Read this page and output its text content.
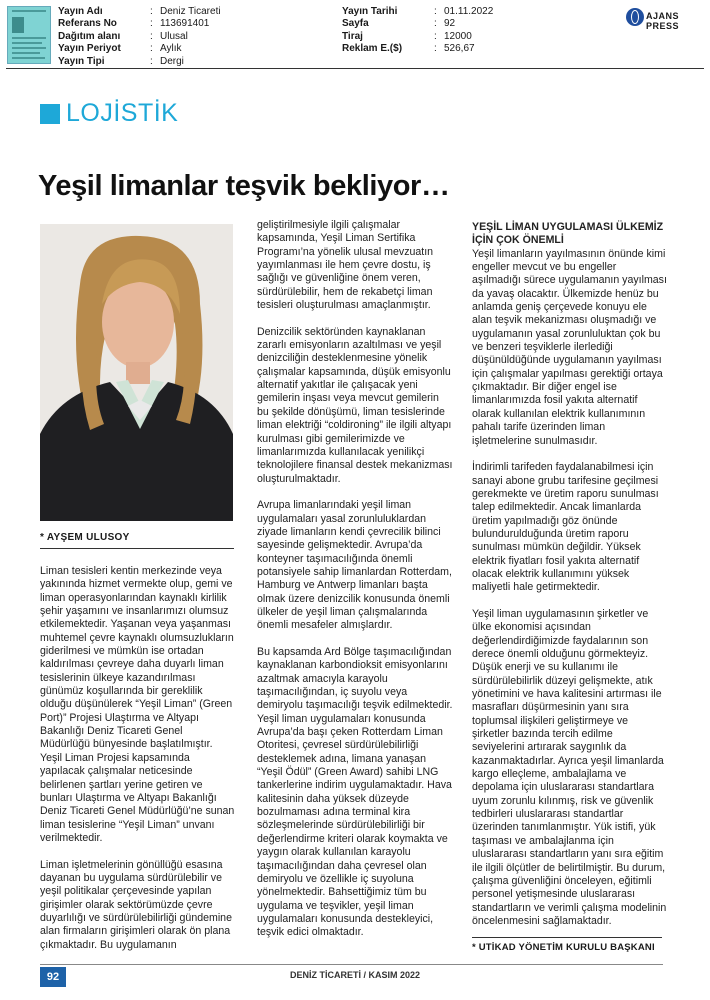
Yayın Adı	: Deniz Ticareti
Referans No	: 113691401
Dağıtım alanı	: Ulusal
Yayın Periyot	: Aylık
Yayın Tipi	: Dergi
Yayın Tarihi	: 01.11.2022
Sayfa	: 92
Tiraj	: 12000
Reklam E.($)	: 526,67
AJANS PRESS
LOJİSTİK
Yeşil limanlar teşvik bekliyor…
* AYŞEM ULUSOY

Liman tesisleri kentin merkezinde veya yakınında hizmet vermekte olup, gemi ve liman operasyonlarından kaynaklı kirlilik şehir yaşamını ve insanlarımızı olumsuz etkilemektedir. Yaşanan veya yaşanması muhtemel çevre kaynaklı olumsuzlukların giderilmesi ve mümkün ise ortadan kaldırılması çevreye daha duyarlı liman tesislerinin ülkeye kazandırılması günümüz koşullarında bir gereklilik olduğu düşünülerek “Yeşil Liman” (Green Port)” Projesi Ulaştırma ve Altyapı Bakanlığı Deniz Ticareti Genel Müdürlüğü bünyesinde başlatılmıştır. Yeşil Liman Projesi kapsamında yapılacak çalışmalar neticesinde belirlenen şartları yerine getiren ve bunları Ulaştırma ve Altyapı Bakanlığı Deniz Ticareti Genel Müdürlüğü’ne sunan liman tesislerine “Yeşil Liman” unvanı verilmektedir.

Liman işletmelerinin gönüllüğü esasına dayanan bu uygulama sürdürülebilir ve yeşil politikalar çerçevesinde yapılan girişimler olarak sektörümüzde çevre duyarlılığı ve sürdürülebilirliği gündemine alan firmaların girişimleri olarak ön plana çıkmaktadır. Bu uygulamanın

geliştirilmesiyle ilgili çalışmalar kapsamında, Yeşil Liman Sertifika Programı’na yönelik ulusal mevzuatın yayımlanması ile hem çevre dostu, iş sağlığı ve güvenliğine önem veren, sürdürülebilir, hem de rekabetçi liman tesisleri oluşturulması amaçlanmıştır.

Denizcilik sektöründen kaynaklanan zararlı emisyonların azaltılması ve yeşil denizciliğin desteklenmesine yönelik çalışmalar kapsamında, düşük emisyonlu alternatif yakıtlar ile çalışacak yeni gemilerin inşası veya mevcut gemilerin bu şekilde dönüşümü, liman tesislerinde liman elektriği “coldironing” ile ilgili altyapı kurulması gibi gemilerimizde ve limanlarımızda kullanılacak yenilikçi teknolojilere finansal destek mekanizması oluşturulmaktadır.

Avrupa limanlarındaki yeşil liman uygulamaları yasal zorunluluklardan ziyade limanların kendi çevrecilik bilinci sayesinde gelişmektedir. Avrupa’da konteyner taşımacılığında önemli potansiyele sahip limanlardan Rotterdam, Hamburg ve Antwerp limanları başta olmak üzere denizcilik konusunda önemli ülkeler de yeşil liman çalışmalarında önemli mesafeler almışlardır.

Bu kapsamda Ard Bölge taşımacılığından kaynaklanan karbondioksit emisyonlarını azaltmak amacıyla karayolu taşımacılığından, iç suyolu veya demiryolu taşımacılığı teşvik edilmektedir. Yeşil liman uygulamaları konusunda Avrupa’da başı çeken Rotterdam Liman Otoritesi, çevresel sürdürülebilirliği desteklemek adına, limana yanaşan “Yeşil Ödül” (Green Award) sahibi LNG tankerlerine indirim uygulamaktadır. Hava kalitesinin daha yüksek düzeyde bozulmaması adına terminal kira sözleşmelerinde sürdürülebilirliği bir değerlendirme kriteri olarak koymakta ve yaygın olarak kullanılan karayolu taşımacılığından daha çevresel olan demiryolu ve özellikle iç suyoluna yönelmektedir. Bahsettiğimiz tüm bu uygulama ve teşvikler, yeşil liman uygulamaları konusunda destekleyici, teşvik edici olmaktadır.

YEŞİL LİMAN UYGULAMASI ÜLKEMİZ İÇİN ÇOK ÖNEMLİ

Yeşil limanların yayılmasının önünde kimi engeller mevcut ve bu engeller aşılmadığı sürece uygulamanın yayılması da yavaş olacaktır. Ülkemizde henüz bu anlamda geniş çerçevede konuyu ele alan teşvik mekanizması oluşmadığı ve uygulamanın yasal zorunluluktan çok bu ve benzeri teşviklerle ilerlediği düşünüldüğünde uygulamanın yayılması için çalışmalar yapılması gerektiği ortaya çıkmaktadır. Bir diğer engel ise limanlarımızda fosil yakıta alternatif olarak kullanılan elektrik kullanımının pahalı tarife üzerinden liman işletmelerine sunulmasıdır.

İndirimli tarifeden faydalanabilmesi için sanayi abone grubu tarifesine geçilmesi gerekmekte ve üretim raporu sunulması talep edilmektedir. Ancak limanlarda üretim yapılmadığı göz önünde bulundurulduğunda üretim raporu sunulması mümkün değildir. Yüksek elektrik fiyatları fosil yakıta alternatif olacak elektrik kullanımını yüksek maliyetli hale getirmektedir.

Yeşil liman uygulamasının şirketler ve ülke ekonomisi açısından değerlendirdiğimizde faydalarının son derece önemli olduğunu görmekteyiz. Düşük enerji ve su kullanımı ile sürdürülebilirlik düzeyi gelişmekte, atık yönetimini ve hava kalitesini artırması ile masrafları düşürmesinin yanı sıra toplumsal ilişkileri geliştirmeye ve şirketler bazında tercih edilme seviyelerini artırarak saygınlık da kazanmaktadırlar. Ayrıca yeşil limanlarda kargo elleçleme, ambalajlama ve depolama için uluslararası standartlara uyum zorunlu kılınmış, risk ve güvenlik tedbirleri uluslararası standartlar üzerinden tanımlanmıştır. Yük istifi, yük taşıması ve ambalajlanma için uluslararası standartların yanı sıra eğitim ile ilgili ölçütler de belirtilmiştir. Bu durum, çalışma güvenliğini önceleyen, eğitimli personel yetişmesinde uluslararası standartların ve verimli çalışma modelinin öncelenmesini sağlamaktadır.

* UTİKAD YÖNETİM KURULU BAŞKANI
92	DENİZ TİCARETİ / KASIM 2022
